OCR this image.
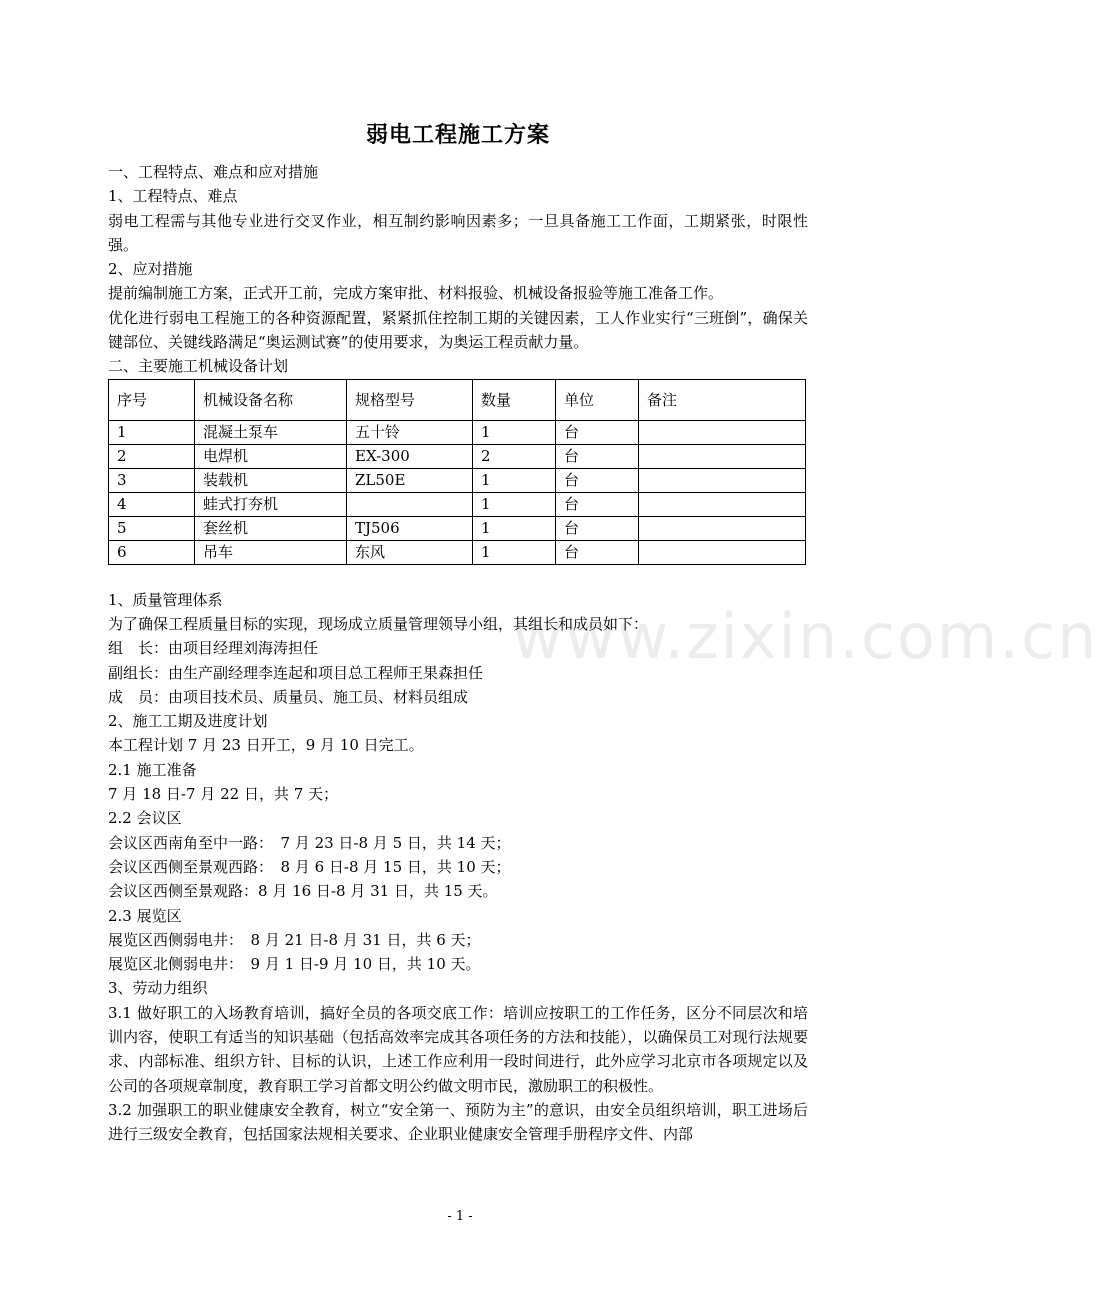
www.zixin.com.cn
弱电工程施工方案

一、工程特点、难点和应对措施

1、工程特点、难点

弱电工程需与其他专业进行交叉作业，相互制约影响因素多；一旦具备施工工作面，工期紧张，时限性强。

2、应对措施

提前编制施工方案，正式开工前，完成方案审批、材料报验、机械设备报验等施工准备工作。

优化进行弱电工程施工的各种资源配置，紧紧抓住控制工期的关键因素，工人作业实行“三班倒”，确保关键部位、关键线路满足“奥运测试赛”的使用要求，为奥运工程贡献力量。

二、主要施工机械设备计划

序号	机械设备名称	规格型号	数量	单位	备注
1	混凝土泵车	五十铃	1	台	
2	电焊机	EX-300	2	台	
3	装载机	ZL50E	1	台	
4	蛙式打夯机		1	台	
5	套丝机	TJ506	1	台	
6	吊车	东风	1	台	

1、质量管理体系

为了确保工程质量目标的实现，现场成立质量管理领导小组，其组长和成员如下：

组　长：由项目经理刘海涛担任

副组长：由生产副经理李连起和项目总工程师王果森担任

成　员：由项目技术员、质量员、施工员、材料员组成

2、施工工期及进度计划

本工程计划 7 月 23 日开工，9 月 10 日完工。

2.1 施工准备

7 月 18 日-7 月 22 日，共 7 天；

2.2 会议区

会议区西南角至中一路：　7 月 23 日-8 月 5 日，共 14 天；

会议区西侧至景观西路：　8 月 6 日-8 月 15 日，共 10 天；

会议区西侧至景观路：8 月 16 日-8 月 31 日，共 15 天。

2.3 展览区

展览区西侧弱电井：　8 月 21 日-8 月 31 日，共 6 天；

展览区北侧弱电井：　9 月 1 日-9 月 10 日，共 10 天。

3、劳动力组织

3.1 做好职工的入场教育培训，搞好全员的各项交底工作：培训应按职工的工作任务，区分不同层次和培训内容，使职工有适当的知识基础（包括高效率完成其各项任务的方法和技能），以确保员工对现行法规要求、内部标准、组织方针、目标的认识，上述工作应利用一段时间进行，此外应学习北京市各项规定以及公司的各项规章制度，教育职工学习首都文明公约做文明市民，激励职工的积极性。

3.2 加强职工的职业健康安全教育，树立“安全第一、预防为主”的意识，由安全员组织培训，职工进场后进行三级安全教育，包括国家法规相关要求、企业职业健康安全管理手册程序文件、内部

- 1 -
